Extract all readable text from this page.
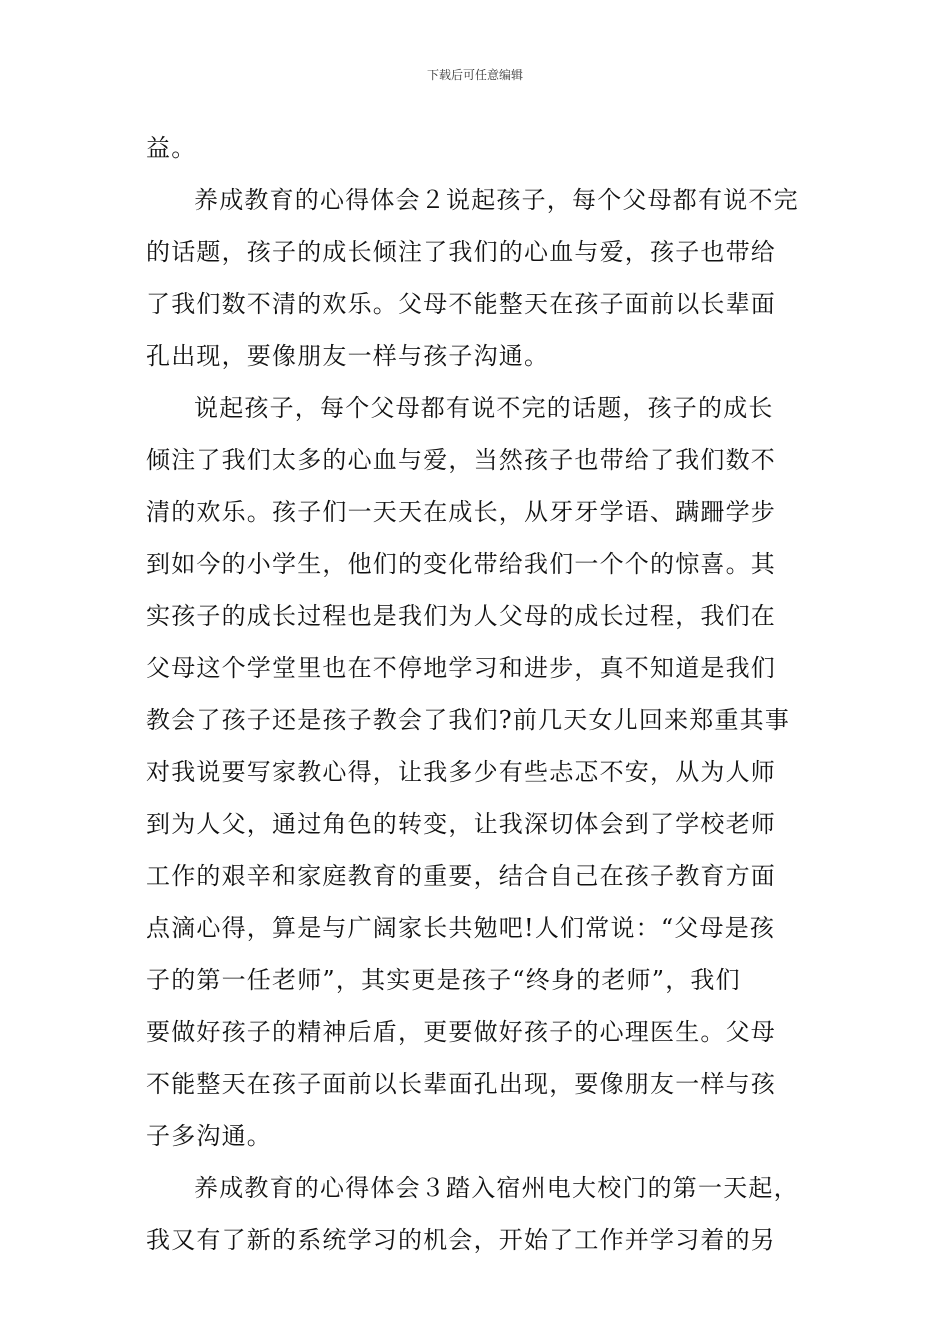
下载后可任意编辑
益。
养成教育的心得体会２说起孩子，每个父母都有说不完
的话题，孩子的成长倾注了我们的心血与爱，孩子也带给
了我们数不清的欢乐。父母不能整天在孩子面前以长辈面
孔出现，要像朋友一样与孩子沟通。
说起孩子，每个父母都有说不完的话题，孩子的成长
倾注了我们太多的心血与爱，当然孩子也带给了我们数不
清的欢乐。孩子们一天天在成长，从牙牙学语、蹒跚学步
到如今的小学生，他们的变化带给我们一个个的惊喜。其
实孩子的成长过程也是我们为人父母的成长过程，我们在
父母这个学堂里也在不停地学习和进步，真不知道是我们
教会了孩子还是孩子教会了我们?前几天女儿回来郑重其事
对我说要写家教心得，让我多少有些忐忑不安，从为人师
到为人父，通过角色的转变，让我深切体会到了学校老师
工作的艰辛和家庭教育的重要，结合自己在孩子教育方面
点滴心得，算是与广阔家长共勉吧!人们常说：“父母是孩
子的第一任老师”，其实更是孩子“终身的老师”，我们
要做好孩子的精神后盾，更要做好孩子的心理医生。父母
不能整天在孩子面前以长辈面孔出现，要像朋友一样与孩
子多沟通。
养成教育的心得体会３踏入宿州电大校门的第一天起，
我又有了新的系统学习的机会，开始了工作并学习着的另
